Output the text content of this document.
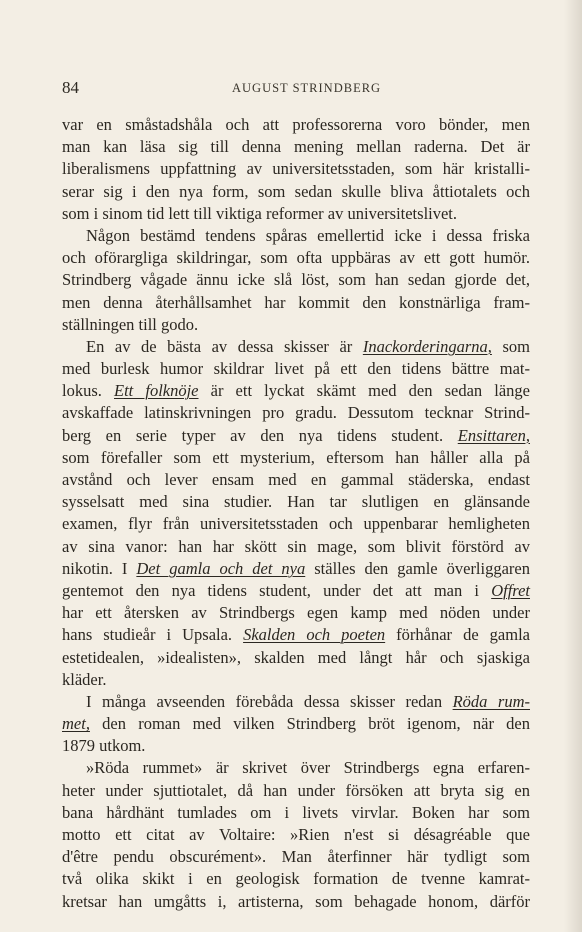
84	AUGUST STRINDBERG
var en småstadshåla och att professorerna voro bönder, men
man kan läsa sig till denna mening mellan raderna. Det är
liberalismens uppfattning av universitetsstaden, som här kristalli-
serar sig i den nya form, som sedan skulle bliva åttiotalets och
som i sinom tid lett till viktiga reformer av universitetslivet.
Någon bestämd tendens spåras emellertid icke i dessa friska
och oförargliga skildringar, som ofta uppbäras av ett gott humör.
Strindberg vågade ännu icke slå löst, som han sedan gjorde det,
men denna återhållsamhet har kommit den konstnärliga fram-
ställningen till godo.
En av de bästa av dessa skisser är Inackorderingarna, som
med burlesk humor skildrar livet på ett den tidens bättre mat-
lokus. Ett folknöje är ett lyckat skämt med den sedan länge
avskaffade latinskrivningen pro gradu. Dessutom tecknar Strind-
berg en serie typer av den nya tidens student. Ensittaren,
som förefaller som ett mysterium, eftersom han håller alla på
avstånd och lever ensam med en gammal städerska, endast
sysselsatt med sina studier. Han tar slutligen en glänsande
examen, flyr från universitetsstaden och uppenbarar hemligheten
av sina vanor: han har skött sin mage, som blivit förstörd av
nikotin. I Det gamla och det nya ställes den gamle överliggaren
gentemot den nya tidens student, under det att man i Offret
har ett återsken av Strindbergs egen kamp med nöden under
hans studieår i Upsala. Skalden och poeten förhånar de gamla
estetidealen, »idealisten», skalden med långt hår och sjaskiga
kläder.
I många avseenden förebåda dessa skisser redan Röda rum-
met, den roman med vilken Strindberg bröt igenom, när den
1879 utkom.
»Röda rummet» är skrivet över Strindbergs egna erfaren-
heter under sjuttiotalet, då han under försöken att bryta sig en
bana hårdhänt tumlades om i livets virvlar. Boken har som
motto ett citat av Voltaire: »Rien n'est si désagréable que
d'être pendu obscurément». Man återfinner här tydligt som
två olika skikt i en geologisk formation de tvenne kamrat-
kretsar han umgåtts i, artisterna, som behagade honom, därför
